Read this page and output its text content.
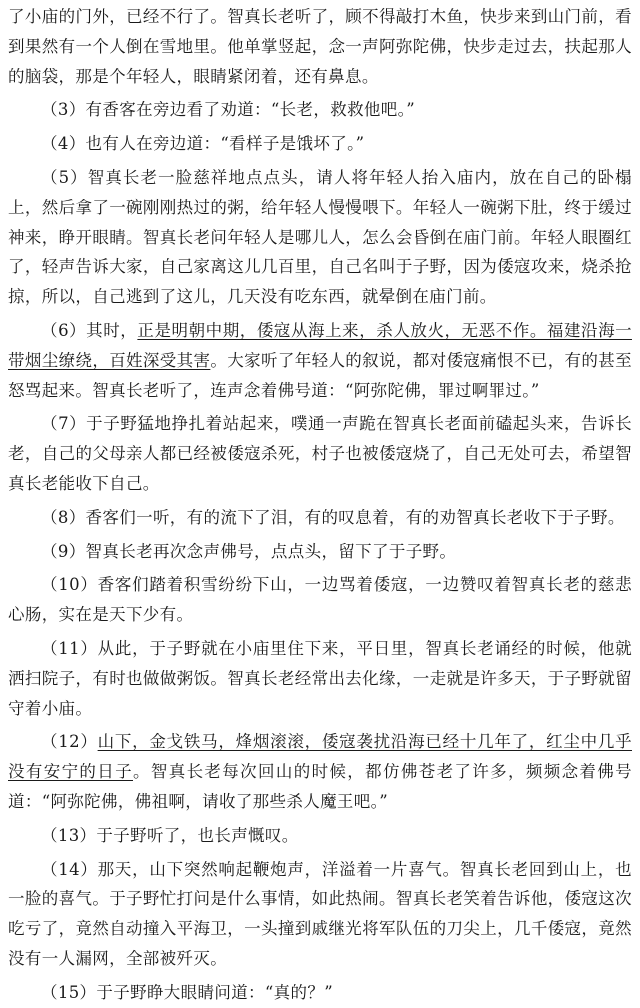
了小庙的门外，已经不行了。智真长老听了，顾不得敲打木鱼，快步来到山门前，看到果然有一个人倒在雪地里。他单掌竖起，念一声阿弥陀佛，快步走过去，扶起那人的脑袋，那是个年轻人，眼睛紧闭着，还有鼻息。

（3）有香客在旁边看了劝道：“长老，救救他吧。”

（4）也有人在旁边道：“看样子是饿坏了。”

（5）智真长老一脸慈祥地点点头，请人将年轻人抬入庙内，放在自己的卧榻上，然后拿了一碗刚刚热过的粥，给年轻人慢慢喂下。年轻人一碗粥下肚，终于缓过神来，睁开眼睛。智真长老问年轻人是哪儿人，怎么会昏倒在庙门前。年轻人眼圈红了，轻声告诉大家，自己家离这儿几百里，自己名叫于子野，因为倭寇攻来，烧杀抢掠，所以，自己逃到了这儿，几天没有吃东西，就晕倒在庙门前。

（6）其时，正是明朝中期，倭寇从海上来，杀人放火，无恶不作。福建沿海一带烟尘缭绕，百姓深受其害。大家听了年轻人的叙说，都对倭寇痛恨不已，有的甚至怒骂起来。智真长老听了，连声念着佛号道：“阿弥陀佛，罪过啊罪过。”

（7）于子野猛地挣扎着站起来，噗通一声跪在智真长老面前磕起头来，告诉长老，自己的父母亲人都已经被倭寇杀死，村子也被倭寇烧了，自己无处可去，希望智真长老能收下自己。

（8）香客们一听，有的流下了泪，有的叹息着，有的劝智真长老收下于子野。

（9）智真长老再次念声佛号，点点头，留下了于子野。

（10）香客们踏着积雪纷纷下山，一边骂着倭寇，一边赞叹着智真长老的慈悲心肠，实在是天下少有。

（11）从此，于子野就在小庙里住下来，平日里，智真长老诵经的时候，他就洒扫院子，有时也做做粥饭。智真长老经常出去化缘，一走就是许多天，于子野就留守着小庙。

（12）山下，金戈铁马，烽烟滚滚，倭寇袭扰沿海已经十几年了，红尘中几乎没有安宁的日子。智真长老每次回山的时候，都仿佛苍老了许多，频频念着佛号道：“阿弥陀佛，佛祖啊，请收了那些杀人魔王吧。”

（13）于子野听了，也长声慨叹。

（14）那天，山下突然响起鞭炮声，洋溢着一片喜气。智真长老回到山上，也一脸的喜气。于子野忙打问是什么事情，如此热闹。智真长老笑着告诉他，倭寇这次吃亏了，竟然自动撞入平海卫，一头撞到戚继光将军队伍的刀尖上，几千倭寇，竟然没有一人漏网，全部被歼灭。

（15）于子野睁大眼睛问道：“真的？”
